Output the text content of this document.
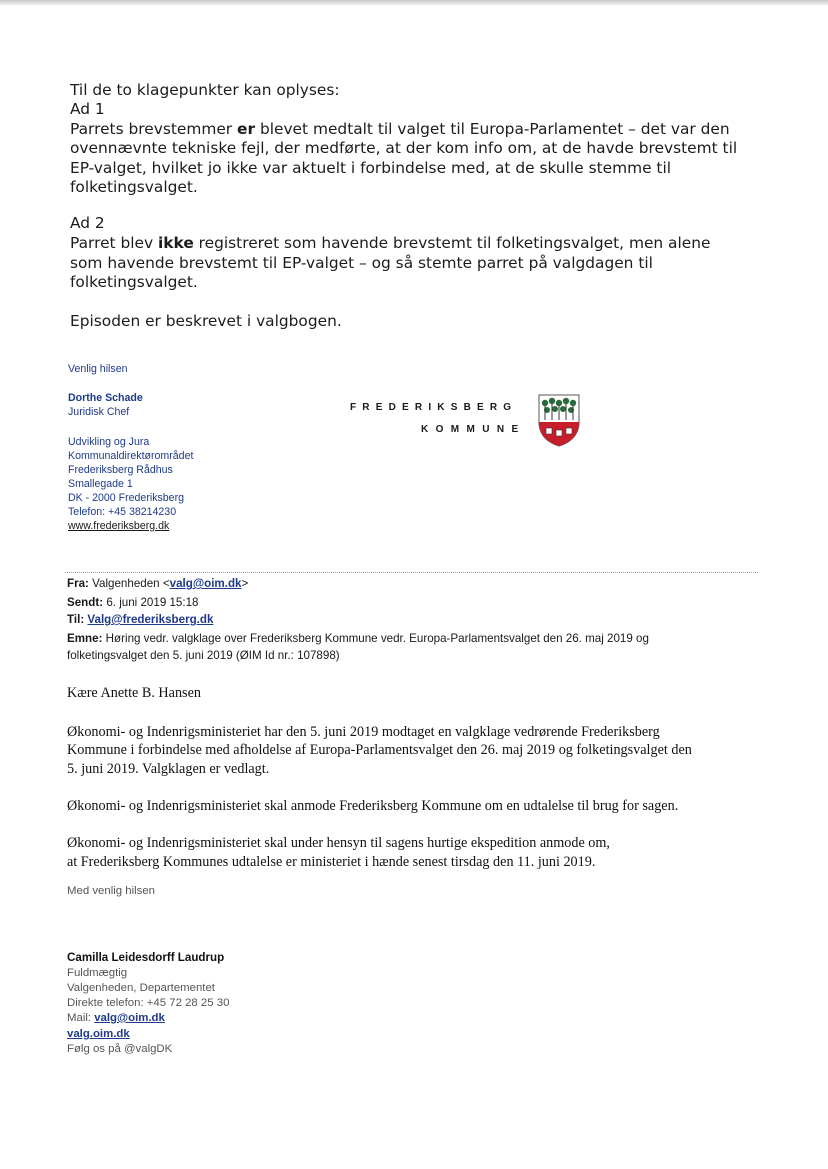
Til de to klagepunkter kan oplyses:

Ad 1

Parrets brevstemmer er blevet medtalt til valget til Europa-Parlamentet – det var den

ovennævnte tekniske fejl, der medførte, at der kom info om, at de havde brevstemt til

EP-valget, hvilket jo ikke var aktuelt i forbindelse med, at de skulle stemme til

folketingsvalget.

Ad 2

Parret blev ikke registreret som havende brevstemt til folketingsvalget, men alene

som havende brevstemt til EP-valget – og så stemte parret på valgdagen til

folketingsvalget.

Episoden er beskrevet i valgbogen.

Venlig hilsen
Dorthe Schade
Juridisk Chef
Udvikling og Jura
Kommunaldirektørområdet
Frederiksberg Rådhus
Smallegade 1
DK - 2000 Frederiksberg
Telefon: +45 38214230
www.frederiksberg.dk
FREDERIKSBERG
KOMMUNE
Fra: Valgenheden <valg@oim.dk>
Sendt: 6. juni 2019 15:18
Til: Valg@frederiksberg.dk
Emne: Høring vedr. valgklage over Frederiksberg Kommune vedr. Europa-Parlamentsvalget den 26. maj 2019 og
folketingsvalget den 5. juni 2019 (ØIM Id nr.: 107898)
Kære Anette B. Hansen
Økonomi- og Indenrigsministeriet har den 5. juni 2019 modtaget en valgklage vedrørende Frederiksberg
Kommune i forbindelse med afholdelse af Europa-Parlamentsvalget den 26. maj 2019 og folketingsvalget den
5. juni 2019. Valgklagen er vedlagt.
Økonomi- og Indenrigsministeriet skal anmode Frederiksberg Kommune om en udtalelse til brug for sagen.
Økonomi- og Indenrigsministeriet skal under hensyn til sagens hurtige ekspedition anmode om,
at Frederiksberg Kommunes udtalelse er ministeriet i hænde senest tirsdag den 11. juni 2019.
Med venlig hilsen
Camilla Leidesdorff Laudrup
Fuldmægtig
Valgenheden, Departementet
Direkte telefon: +45 72 28 25 30
Mail: valg@oim.dk
valg.oim.dk
Følg os på @valgDK
